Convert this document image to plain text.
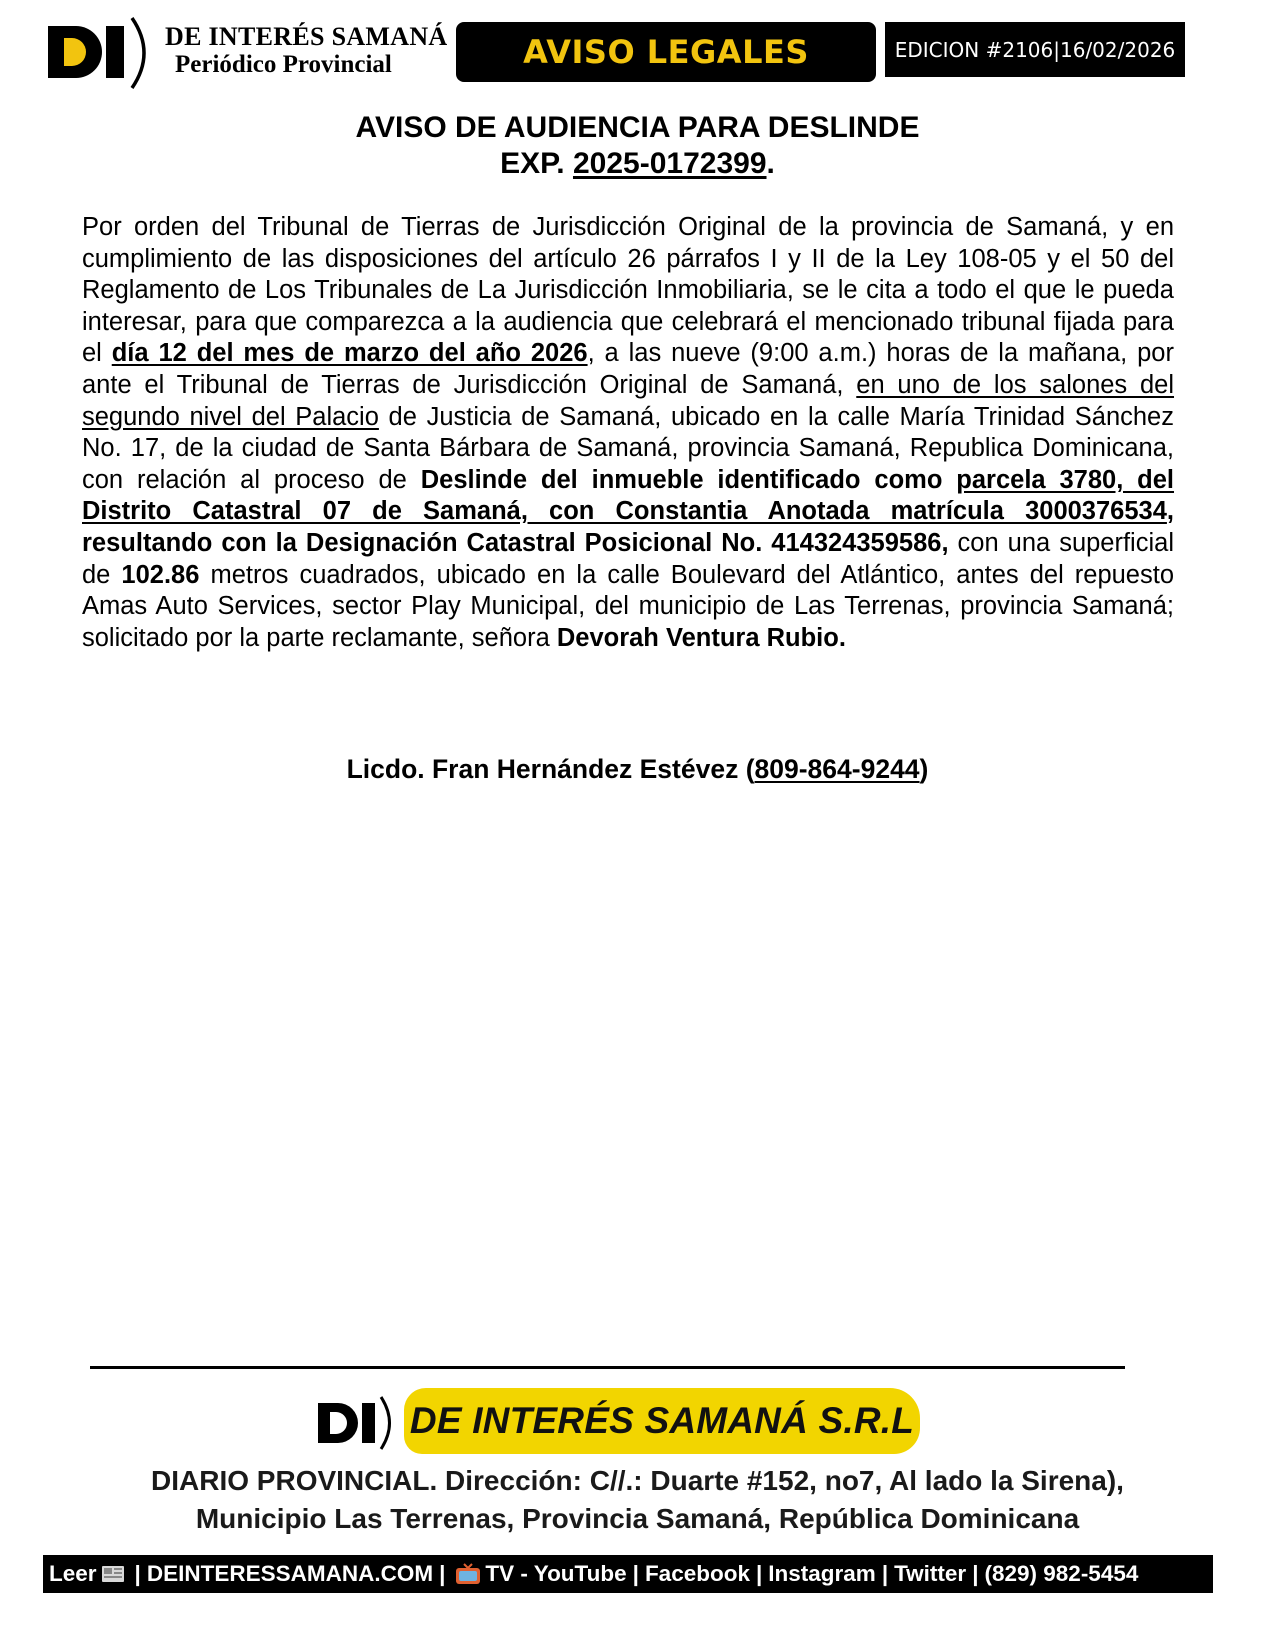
DE INTERÉS SAMANÁ
Periódico Provincial	AVISO LEGALES	EDICION #2106|16/02/2026
AVISO DE AUDIENCIA PARA DESLINDE
EXP. 2025-0172399.
Por orden del Tribunal de Tierras de Jurisdicción Original de la provincia de Samaná, y en cumplimiento de las disposiciones del artículo 26 párrafos I y II de la Ley 108-05 y el 50 del Reglamento de Los Tribunales de La Jurisdicción Inmobiliaria, se le cita a todo el que le pueda interesar, para que comparezca a la audiencia que celebrará el mencionado tribunal fijada para el día 12 del mes de marzo del año 2026, a las nueve (9:00 a.m.) horas de la mañana, por ante el Tribunal de Tierras de Jurisdicción Original de Samaná, en uno de los salones del segundo nivel del Palacio de Justicia de Samaná, ubicado en la calle María Trinidad Sánchez No. 17, de la ciudad de Santa Bárbara de Samaná, provincia Samaná, Republica Dominicana, con relación al proceso de Deslinde del inmueble identificado como parcela 3780, del Distrito Catastral 07 de Samaná, con Constantia Anotada matrícula 3000376534, resultando con la Designación Catastral Posicional No. 414324359586, con una superficial de 102.86 metros cuadrados, ubicado en la calle Boulevard del Atlántico, antes del repuesto Amas Auto Services, sector Play Municipal, del municipio de Las Terrenas, provincia Samaná; solicitado por la parte reclamante, señora Devorah Ventura Rubio.
Licdo. Fran Hernández Estévez (809-864-9244)
DE INTERÉS SAMANÁ S.R.L
DIARIO PROVINCIAL. Dirección: C//.: Duarte #152, no7, Al lado la Sirena),
Municipio Las Terrenas, Provincia Samaná, República Dominicana
Leer | DEINTERESSAMANA.COM | TV - YouTube | Facebook | Instagram | Twitter | (829) 982-5454
